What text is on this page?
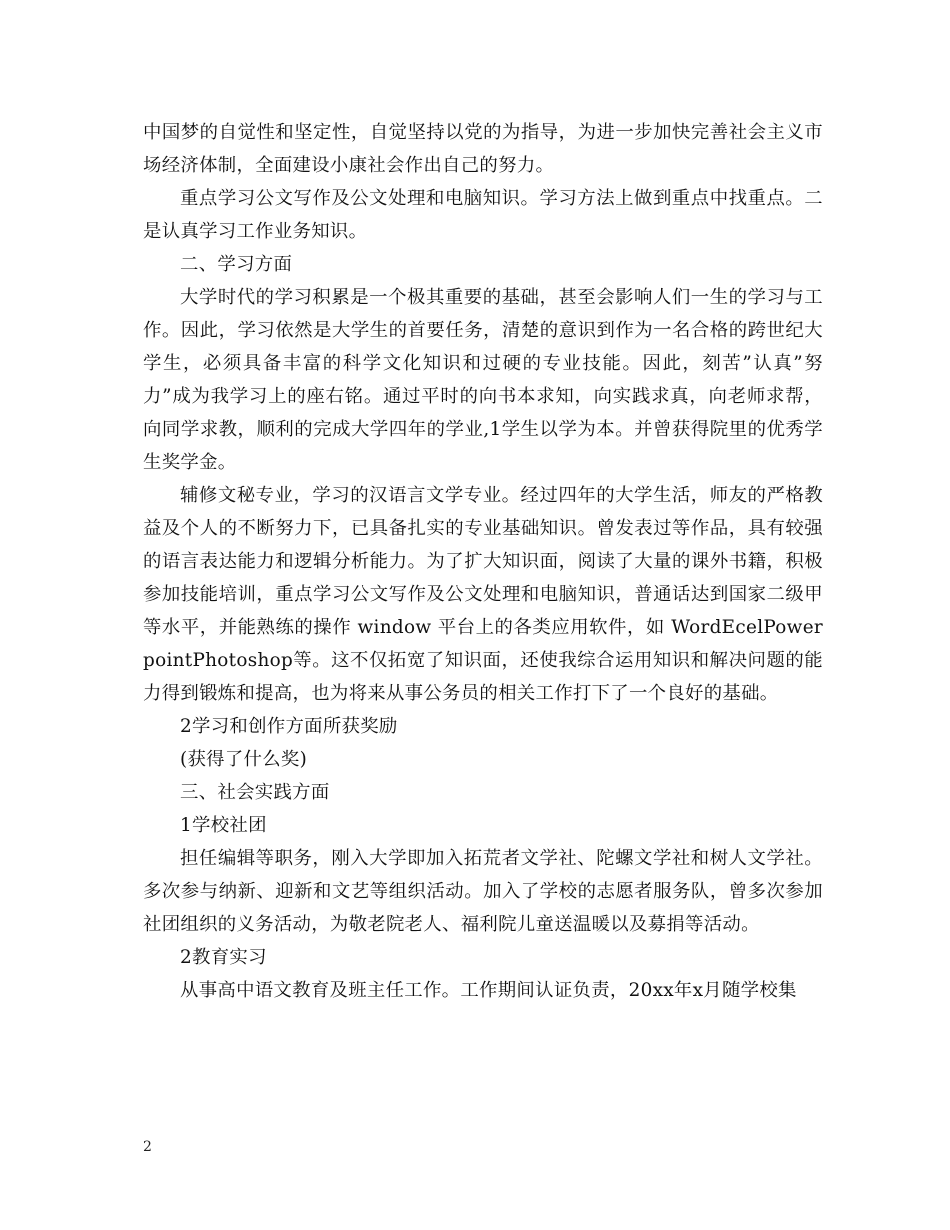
中国梦的自觉性和坚定性，自觉坚持以党的为指导，为进一步加快完善社会主义市场经济体制，全面建设小康社会作出自己的努力。

重点学习公文写作及公文处理和电脑知识。学习方法上做到重点中找重点。二是认真学习工作业务知识。

二、学习方面

大学时代的学习积累是一个极其重要的基础，甚至会影响人们一生的学习与工作。因此，学习依然是大学生的首要任务，清楚的意识到作为一名合格的跨世纪大学生，必须具备丰富的科学文化知识和过硬的专业技能。因此，刻苦”认真”努力”成为我学习上的座右铭。通过平时的向书本求知，向实践求真，向老师求帮，向同学求教，顺利的完成大学四年的学业,1学生以学为本。并曾获得院里的优秀学生奖学金。

辅修文秘专业，学习的汉语言文学专业。经过四年的大学生活，师友的严格教益及个人的不断努力下，已具备扎实的专业基础知识。曾发表过等作品，具有较强的语言表达能力和逻辑分析能力。为了扩大知识面，阅读了大量的课外书籍，积极参加技能培训，重点学习公文写作及公文处理和电脑知识，普通话达到国家二级甲等水平，并能熟练的操作 window 平台上的各类应用软件，如 WordEcelPowerpointPhotoshop等。这不仅拓宽了知识面，还使我综合运用知识和解决问题的能力得到锻炼和提高，也为将来从事公务员的相关工作打下了一个良好的基础。

2学习和创作方面所获奖励

(获得了什么奖)

三、社会实践方面

1学校社团

担任编辑等职务，刚入大学即加入拓荒者文学社、陀螺文学社和树人文学社。多次参与纳新、迎新和文艺等组织活动。加入了学校的志愿者服务队，曾多次参加社团组织的义务活动，为敬老院老人、福利院儿童送温暖以及募捐等活动。

2教育实习

从事高中语文教育及班主任工作。工作期间认证负责，20xx年x月随学校集

2
